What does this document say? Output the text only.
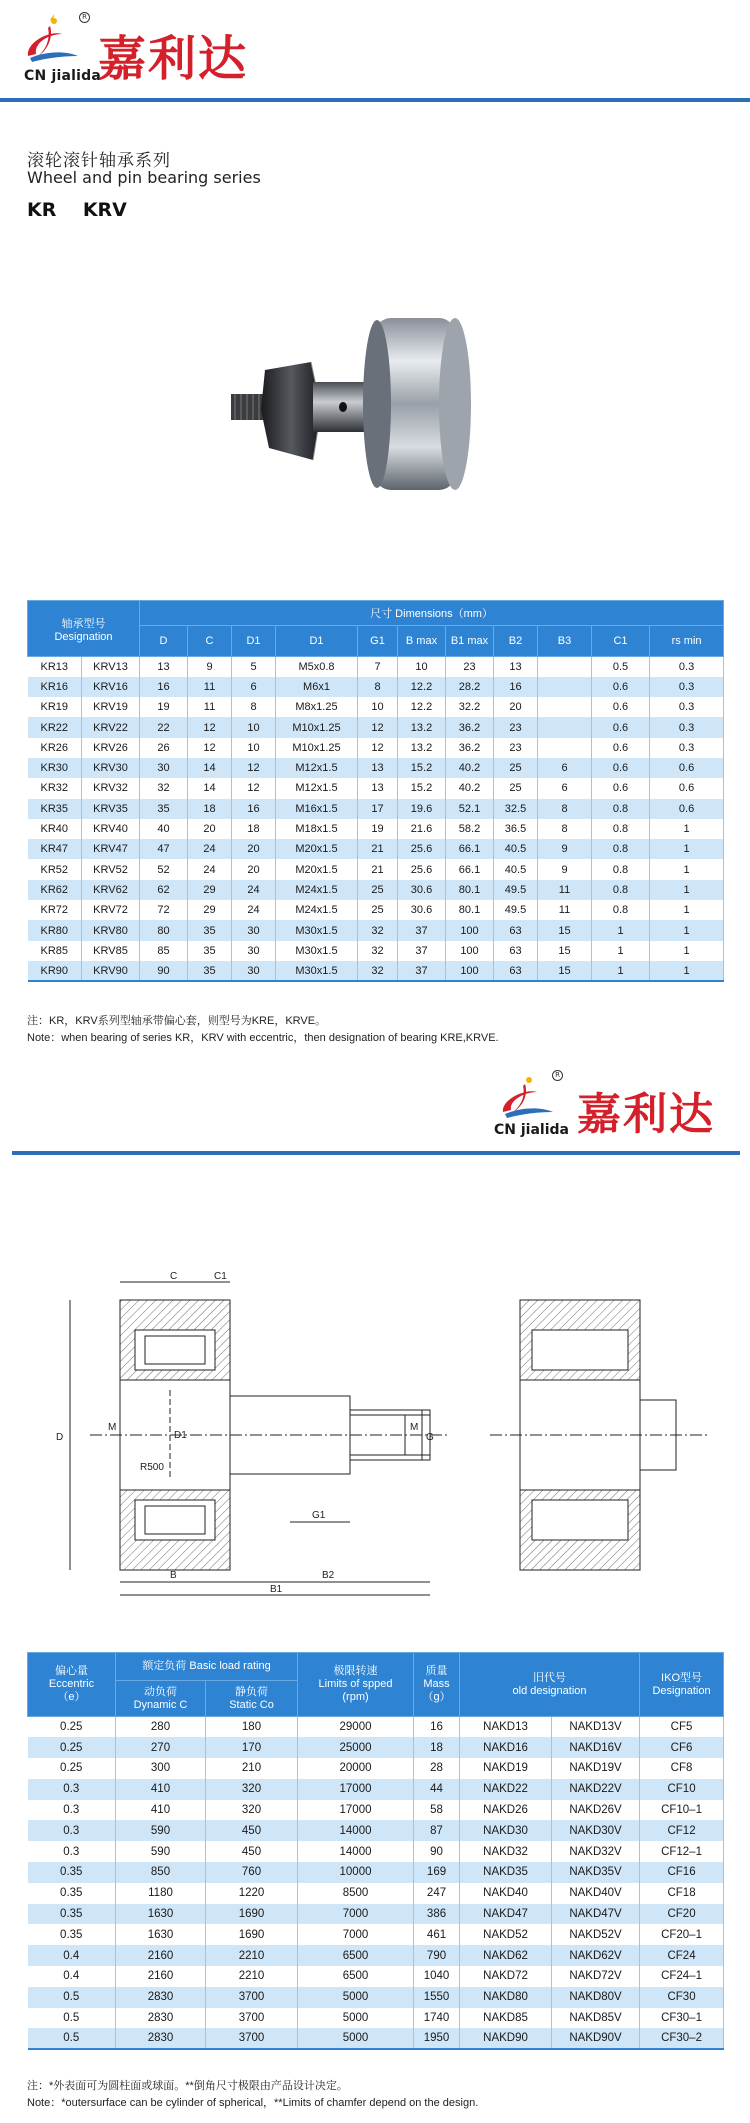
R
CN jialida
嘉利达
滚轮滚针轴承系列
Wheel and pin bearing series
KR    KRV
轴承型号
Designation		尺寸 Dimensions（mm）										
		D	C	D1	D1	G1	B max	B1 max	B2	B3	C1	rs min
KR13	KRV13	13	9	5	M5x0.8	7	10	23	13		0.5	0.3
KR16	KRV16	16	11	6	M6x1	8	12.2	28.2	16		0.6	0.3
KR19	KRV19	19	11	8	M8x1.25	10	12.2	32.2	20		0.6	0.3
KR22	KRV22	22	12	10	M10x1.25	12	13.2	36.2	23		0.6	0.3
KR26	KRV26	26	12	10	M10x1.25	12	13.2	36.2	23		0.6	0.3
KR30	KRV30	30	14	12	M12x1.5	13	15.2	40.2	25	6	0.6	0.6
KR32	KRV32	32	14	12	M12x1.5	13	15.2	40.2	25	6	0.6	0.6
KR35	KRV35	35	18	16	M16x1.5	17	19.6	52.1	32.5	8	0.8	0.6
KR40	KRV40	40	20	18	M18x1.5	19	21.6	58.2	36.5	8	0.8	1
KR47	KRV47	47	24	20	M20x1.5	21	25.6	66.1	40.5	9	0.8	1
KR52	KRV52	52	24	20	M20x1.5	21	25.6	66.1	40.5	9	0.8	1
KR62	KRV62	62	29	24	M24x1.5	25	30.6	80.1	49.5	11	0.8	1
KR72	KRV72	72	29	24	M24x1.5	25	30.6	80.1	49.5	11	0.8	1
KR80	KRV80	80	35	30	M30x1.5	32	37	100	63	15	1	1
KR85	KRV85	85	35	30	M30x1.5	32	37	100	63	15	1	1
KR90	KRV90	90	35	30	M30x1.5	32	37	100	63	15	1	1
注：KR，KRV系列型轴承带偏心套，则型号为KRE，KRVE。
Note：when bearing of series KR，KRV with eccentric，then designation of bearing KRE,KRVE.
R
CN jialida 嘉利达
C	C1
D
M
D1	G
M
R500
G1
B	B2
B1
偏心量
Eccentric
（e）	额定负荷 Basic load rating		极限转速
Limits of spped
(rpm)	质量
Mass
（g）	旧代号
old designation		IKO型号
Designation
	动负荷
Dynamic C	静负荷
Static Co					
0.25	280	180	29000	16	NAKD13	NAKD13V	CF5
0.25	270	170	25000	18	NAKD16	NAKD16V	CF6
0.25	300	210	20000	28	NAKD19	NAKD19V	CF8
0.3	410	320	17000	44	NAKD22	NAKD22V	CF10
0.3	410	320	17000	58	NAKD26	NAKD26V	CF10–1
0.3	590	450	14000	87	NAKD30	NAKD30V	CF12
0.3	590	450	14000	90	NAKD32	NAKD32V	CF12–1
0.35	850	760	10000	169	NAKD35	NAKD35V	CF16
0.35	1180	1220	8500	247	NAKD40	NAKD40V	CF18
0.35	1630	1690	7000	386	NAKD47	NAKD47V	CF20
0.35	1630	1690	7000	461	NAKD52	NAKD52V	CF20–1
0.4	2160	2210	6500	790	NAKD62	NAKD62V	CF24
0.4	2160	2210	6500	1040	NAKD72	NAKD72V	CF24–1
0.5	2830	3700	5000	1550	NAKD80	NAKD80V	CF30
0.5	2830	3700	5000	1740	NAKD85	NAKD85V	CF30–1
0.5	2830	3700	5000	1950	NAKD90	NAKD90V	CF30–2
注：*外表面可为圆柱面或球面。**倒角尺寸极限由产品设计决定。
Note：*outersurface can be cylinder of spherical，**Limits of chamfer depend on the design.
